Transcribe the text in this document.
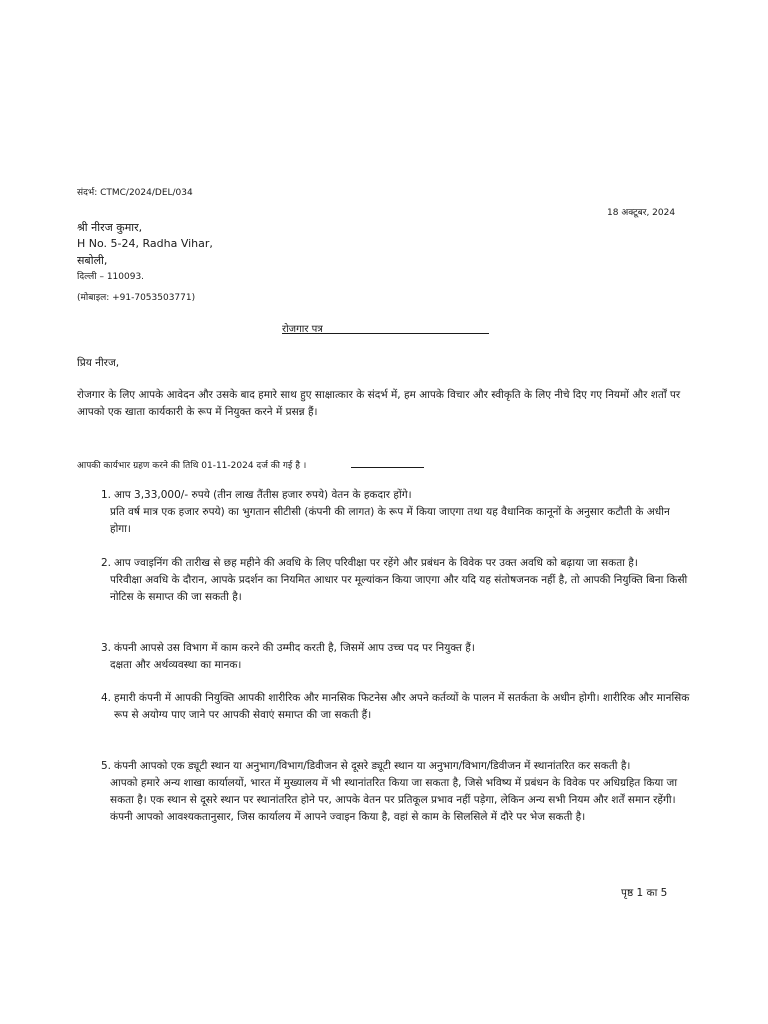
संदर्भ: CTMC/2024/DEL/034
18 अक्टूबर, 2024
श्री नीरज कुमार,
H No. 5-24, Radha Vihar,
सबोली,
दिल्ली – 110093.
(मोबाइल: +91-7053503771)
रोजगार पत्र
प्रिय नीरज,
रोजगार के लिए आपके आवेदन और उसके बाद हमारे साथ हुए साक्षात्कार के संदर्भ में, हम आपके विचार और स्वीकृति के लिए नीचे दिए गए नियमों और शर्तों पर आपको एक खाता कार्यकारी के रूप में नियुक्त करने में प्रसन्न हैं।
आपकी कार्यभार ग्रहण करने की तिथि 01-11-2024 दर्ज की गई है ।
1. आप 3,33,000/- रुपये (तीन लाख तैंतीस हजार रुपये) वेतन के हकदार होंगे।
प्रति वर्ष मात्र एक हजार रुपये) का भुगतान सीटीसी (कंपनी की लागत) के रूप में किया जाएगा तथा यह वैधानिक कानूनों के अनुसार कटौती के अधीन होगा।
2. आप ज्वाइनिंग की तारीख से छह महीने की अवधि के लिए परिवीक्षा पर रहेंगे और प्रबंधन के विवेक पर उक्त अवधि को बढ़ाया जा सकता है।
परिवीक्षा अवधि के दौरान, आपके प्रदर्शन का नियमित आधार पर मूल्यांकन किया जाएगा और यदि यह संतोषजनक नहीं है, तो आपकी नियुक्ति बिना किसी नोटिस के समाप्त की जा सकती है।
3. कंपनी आपसे उस विभाग में काम करने की उम्मीद करती है, जिसमें आप उच्च पद पर नियुक्त हैं।
दक्षता और अर्थव्यवस्था का मानक।
4. हमारी कंपनी में आपकी नियुक्ति आपकी शारीरिक और मानसिक फिटनेस और अपने कर्तव्यों के पालन में सतर्कता के अधीन होगी। शारीरिक और मानसिक रूप से अयोग्य पाए जाने पर आपकी सेवाएं समाप्त की जा सकती हैं।
5. कंपनी आपको एक ड्यूटी स्थान या अनुभाग/विभाग/डिवीजन से दूसरे ड्यूटी स्थान या अनुभाग/विभाग/डिवीजन में स्थानांतरित कर सकती है।
आपको हमारे अन्य शाखा कार्यालयों, भारत में मुख्यालय में भी स्थानांतरित किया जा सकता है, जिसे भविष्य में प्रबंधन के विवेक पर अधिग्रहित किया जा सकता है। एक स्थान से दूसरे स्थान पर स्थानांतरित होने पर, आपके वेतन पर प्रतिकूल प्रभाव नहीं पड़ेगा, लेकिन अन्य सभी नियम और शर्तें समान रहेंगी। कंपनी आपको आवश्यकतानुसार, जिस कार्यालय में आपने ज्वाइन किया है, वहां से काम के सिलसिले में दौरे पर भेज सकती है।
पृष्ठ 1 का 5
